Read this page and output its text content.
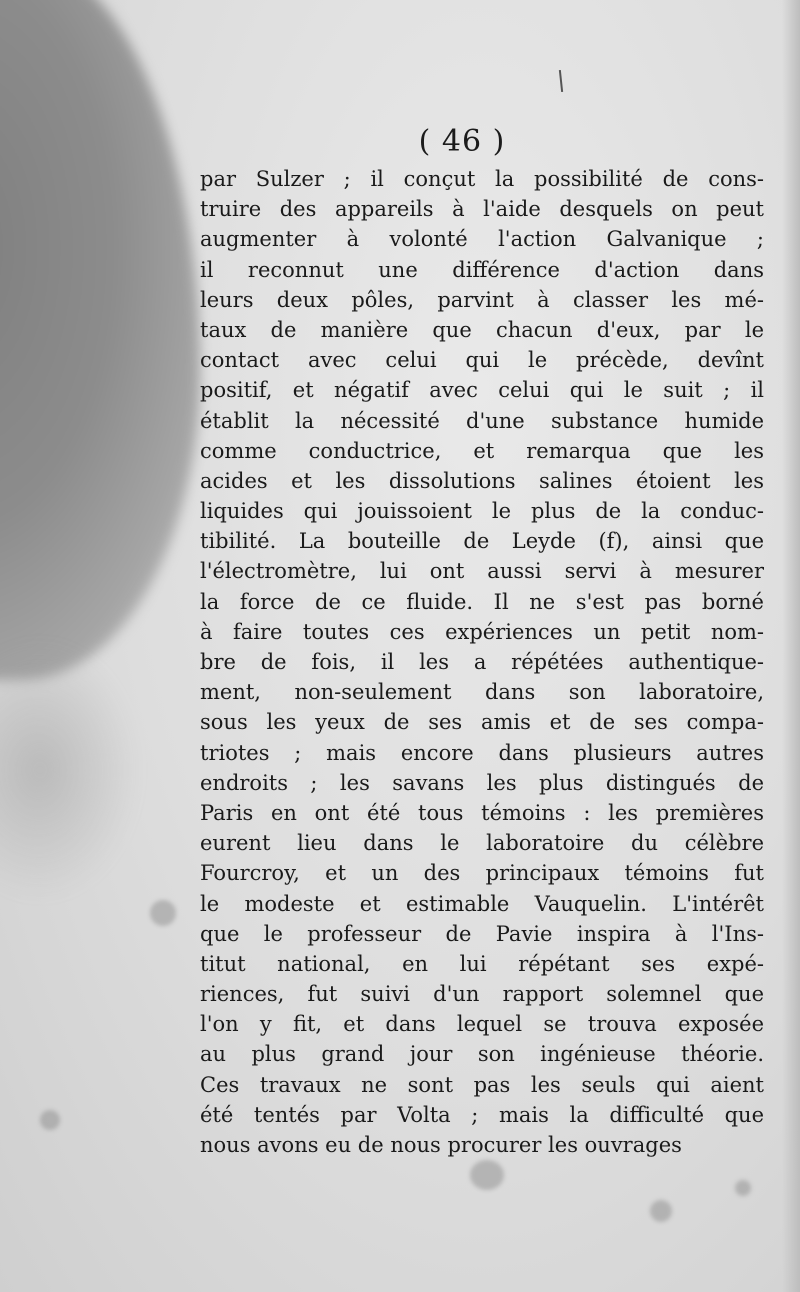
( 46 )

par Sulzer ; il conçut la possibilité de cons-
truire des appareils à l'aide desquels on peut
augmenter à volonté l'action Galvanique ;
il reconnut une différence d'action dans
leurs deux pôles, parvint à classer les mé-
taux de manière que chacun d'eux, par le
contact avec celui qui le précède, devînt
positif, et négatif avec celui qui le suit ; il
établit la nécessité d'une substance humide
comme conductrice, et remarqua que les
acides et les dissolutions salines étoient les
liquides qui jouissoient le plus de la conduc-
tibilité. La bouteille de Leyde (f), ainsi que
l'électromètre, lui ont aussi servi à mesurer
la force de ce fluide. Il ne s'est pas borné
à faire toutes ces expériences un petit nom-
bre de fois, il les a répétées authentique-
ment, non-seulement dans son laboratoire,
sous les yeux de ses amis et de ses compa-
triotes ; mais encore dans plusieurs autres
endroits ; les savans les plus distingués de
Paris en ont été tous témoins : les premières
eurent lieu dans le laboratoire du célèbre
Fourcroy, et un des principaux témoins fut
le modeste et estimable Vauquelin. L'intérêt
que le professeur de Pavie inspira à l'Ins-
titut national, en lui répétant ses expé-
riences, fut suivi d'un rapport solemnel que
l'on y fit, et dans lequel se trouva exposée
au plus grand jour son ingénieuse théorie.
Ces travaux ne sont pas les seuls qui aient
été tentés par Volta ; mais la difficulté que
nous avons eu de nous procurer les ouvrages
